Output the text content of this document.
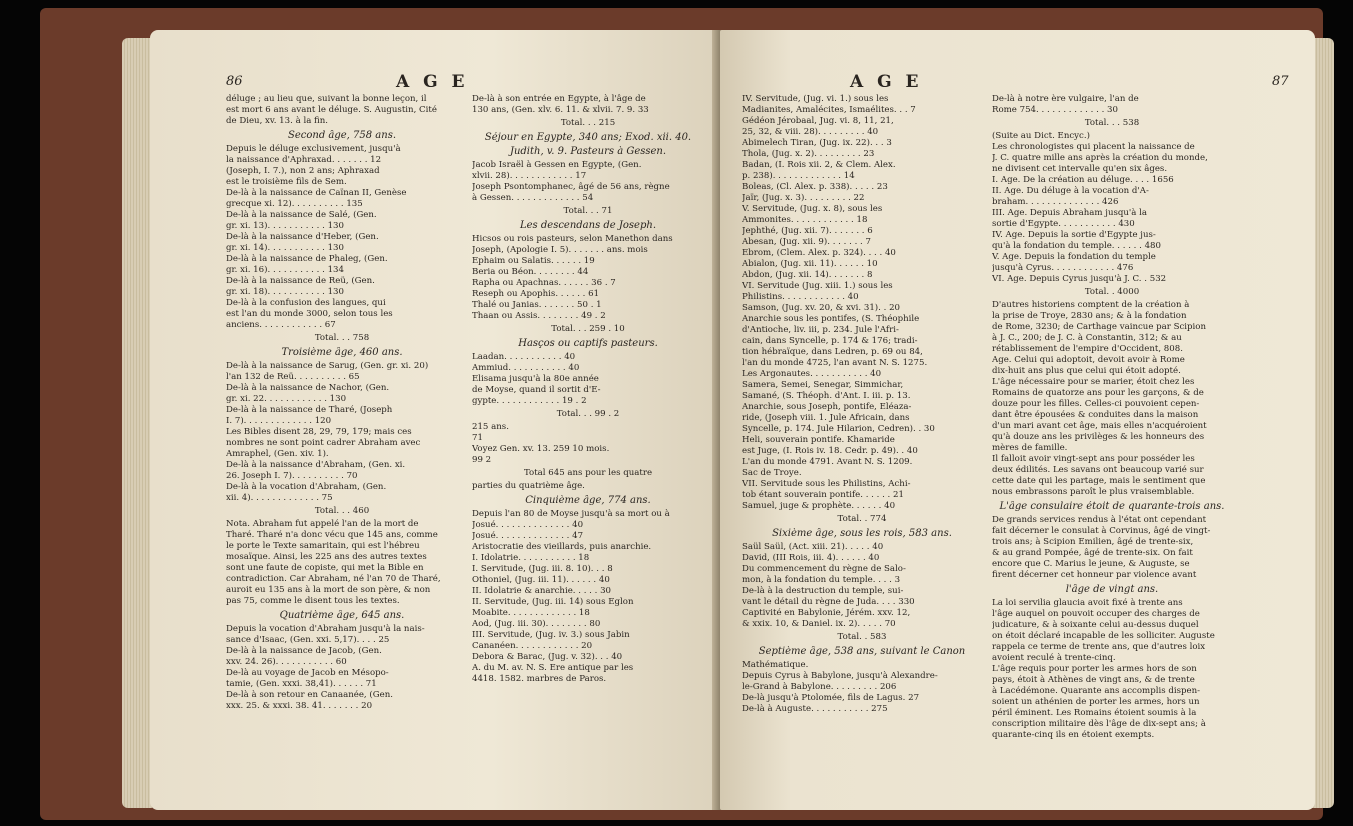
86	A G E
déluge ; au lieu que, suivant la bonne leçon, il
est mort 6 ans avant le déluge. S. Augustin, Cité
de Dieu, xv. 13. à la fin.
Second âge, 758 ans.
Depuis le déluge exclusivement, jusqu'à
la naissance d'Aphraxad. . . . . . . 12
(Joseph, I. 7.), non 2 ans; Aphraxad
est le troisième fils de Sem.
De-là à la naissance de Caïnan II, Genèse
grecque xi. 12). . . . . . . . . . 135
De-là à la naissance de Salé, (Gen.
gr. xi. 13). . . . . . . . . . . 130
De-là à la naissance d'Heber, (Gen.
gr. xi. 14). . . . . . . . . . . 130
De-là à la naissance de Phaleg, (Gen.
gr. xi. 16). . . . . . . . . . . 134
De-là à la naissance de Reü, (Gen.
gr. xi. 18). . . . . . . . . . . 130
De-là à la confusion des langues, qui
est l'an du monde 3000, selon tous les
anciens. . . . . . . . . . . . 67
Total. . . 758
Troisième âge, 460 ans.
De-là à la naissance de Sarug, (Gen. gr. xi. 20)
l'an 132 de Reü. . . . . . . . . . 65
De-là à la naissance de Nachor, (Gen.
gr. xi. 22. . . . . . . . . . . . 130
De-là à la naissance de Tharé, (Joseph
I. 7). . . . . . . . . . . . . 120
Les Bibles disent 28, 29, 79, 179; mais ces
nombres ne sont point cadrer Abraham avec
Amraphel, (Gen. xiv. 1).
De-là à la naissance d'Abraham, (Gen. xi.
26. Joseph I. 7). . . . . . . . . . 70
De-là à la vocation d'Abraham, (Gen.
xii. 4). . . . . . . . . . . . . 75
Total. . . 460
Nota. Abraham fut appelé l'an de la mort de
Tharé. Tharé n'a donc vécu que 145 ans, comme
le porte le Texte samaritain, qui est l'hébreu
mosaïque. Ainsi, les 225 ans des autres textes
sont une faute de copiste, qui met la Bible en
contradiction. Car Abraham, né l'an 70 de Tharé,
auroit eu 135 ans à la mort de son père, & non
pas 75, comme le disent tous les textes.
Quatrième âge, 645 ans.
Depuis la vocation d'Abraham jusqu'à la nais-
sance d'Isaac, (Gen. xxi. 5,17). . . . 25
De-là à la naissance de Jacob, (Gen.
xxv. 24. 26). . . . . . . . . . . 60
De-là au voyage de Jacob en Mésopo-
tamie, (Gen. xxxi. 38,41). . . . . . 71
De-là à son retour en Canaanée, (Gen.
xxx. 25. & xxxi. 38. 41. . . . . . . 20
De-là à son entrée en Égypte, à l'âge de
130 ans, (Gen. xlv. 6. 11. & xlvii. 7. 9. 33
Total. . . 215
Séjour en Égypte, 340 ans; Exod. xii. 40.
Judith, v. 9. Pasteurs à Gessen.
Jacob Israël à Gessen en Égypte, (Gen.
xlvii. 28). . . . . . . . . . . . 17
Joseph Psontomphanec, âgé de 56 ans, règne
à Gessen. . . . . . . . . . . . . 54
Total. . . 71
Les descendans de Joseph.
Hicsos ou rois pasteurs, selon Manethon dans
Joseph, (Apologie I. 5). . . . . . . ans. mois
Ephaim ou Salatis. . . . . . 19
Beria ou Béon. . . . . . . . 44
Rapha ou Apachnas. . . . . . 36 . 7
Reseph ou Apophis. . . . . . 61
Thalé ou Janias. . . . . . . 50 . 1
Thaan ou Assis. . . . . . . . 49 . 2
Total. . . 259 . 10
Hasços ou captifs pasteurs.
Laadan. . . . . . . . . . . 40
Ammiud. . . . . . . . . . . 40
Elisama jusqu'à la 80e année
de Moyse, quand il sortit d'E-
gypte. . . . . . . . . . . . 19 . 2
Total. . . 99 . 2
215 ans.
71
Voyez Gen. xv. 13. 259 10 mois.
99 2
Total 645 ans pour les quatre
parties du quatrième âge.
Cinquième âge, 774 ans.
Depuis l'an 80 de Moyse jusqu'à sa mort ou à
Josué. . . . . . . . . . . . . . 40
Josué. . . . . . . . . . . . . . 47
Aristocratie des vieillards, puis anarchie.
I. Idolatrie. . . . . . . . . . . 18
I. Servitude, (Jug. iii. 8. 10). . . 8
Othoniel, (Jug. iii. 11). . . . . . 40
II. Idolatrie & anarchie. . . . . 30
II. Servitude, (Jug. iii. 14) sous Eglon
Moabite. . . . . . . . . . . . . 18
Aod, (Jug. iii. 30). . . . . . . . 80
III. Servitude, (Jug. iv. 3.) sous Jabin
Cananéen. . . . . . . . . . . . 20
Debora & Barac, (Jug. v. 32). . . 40
A. du M. av. N. S. Ere antique par les
4418. 1582. marbres de Paros.
A G E	87
IV. Servitude, (Jug. vi. 1.) sous les
Madianites, Amalécites, Ismaélites. . . 7
Gédéon Jérobaal, Jug. vi. 8, 11, 21,
25, 32, & viii. 28). . . . . . . . . 40
Abimelech Tiran, (Jug. ix. 22). . . 3
Thola, (Jug. x. 2). . . . . . . . . 23
Badan, (I. Rois xii. 2, & Clem. Alex.
p. 238). . . . . . . . . . . . . 14
Boleas, (Cl. Alex. p. 338). . . . . 23
Jaïr, (Jug. x. 3). . . . . . . . . 22
V. Servitude, (Jug. x. 8), sous les
Ammonites. . . . . . . . . . . . 18
Jephthé, (Jug. xii. 7). . . . . . . 6
Abesan, (Jug. xii. 9). . . . . . . 7
Ebrom, (Clem. Alex. p. 324). . . . 40
Abialon, (Jug. xii. 11). . . . . . 10
Abdon, (Jug. xii. 14). . . . . . . 8
VI. Servitude (Jug. xiii. 1.) sous les
Philistins. . . . . . . . . . . . 40
Samson, (Jug. xv. 20, & xvi. 31). . 20
Anarchie sous les pontifes, (S. Théophile
d'Antioche, liv. iii, p. 234. Jule l'Afri-
cain, dans Syncelle, p. 174 & 176; tradi-
tion hébraïque, dans Ledren, p. 69 ou 84,
l'an du monde 4725, l'an avant N. S. 1275.
Les Argonautes. . . . . . . . . . . 40
Samera, Semei, Senegar, Simmichar,
Samané, (S. Théoph. d'Ant. I. iii. p. 13.
Anarchie, sous Joseph, pontife, Eléaza-
ride, (Joseph viii. 1. Jule Africain, dans
Syncelle, p. 174. Jule Hilarion, Cedren). . 30
Heli, souverain pontife. Khamaride
est Juge, (I. Rois iv. 18. Cedr. p. 49). . 40
L'an du monde 4791. Avant N. S. 1209.
Sac de Troye.
VII. Servitude sous les Philistins, Achi-
tob étant souverain pontife. . . . . . 21
Samuel, juge & prophète. . . . . . 40
Total. . 774
Sixième âge, sous les rois, 583 ans.
Saül Saül, (Act. xiii. 21). . . . . 40
David, (III Rois, iii. 4). . . . . . 40
Du commencement du règne de Salo-
mon, à la fondation du temple. . . . 3
De-là à la destruction du temple, sui-
vant le détail du règne de Juda. . . . 330
Captivité en Babylonie, Jérém. xxv. 12,
& xxix. 10, & Daniel. ix. 2). . . . . 70
Total. . 583
Septième âge, 538 ans, suivant le Canon
Mathématique.
Depuis Cyrus à Babylone, jusqu'à Alexandre-
le-Grand à Babylone. . . . . . . . . 206
De-là jusqu'à Ptolomée, fils de Lagus. 27
De-là à Auguste. . . . . . . . . . . 275
De-là à notre ère vulgaire, l'an de
Rome 754. . . . . . . . . . . . . 30
Total. . . 538
(Suite au Dict. Encyc.)
Les chronologistes qui placent la naissance de
J. C. quatre mille ans après la création du monde,
ne divisent cet intervalle qu'en six âges.
I. Age. De la création au déluge. . . . 1656
II. Age. Du déluge à la vocation d'A-
braham. . . . . . . . . . . . . . 426
III. Age. Depuis Abraham jusqu'à la
sortie d'Égypte. . . . . . . . . . . 430
IV. Age. Depuis la sortie d'Égypte jus-
qu'à la fondation du temple. . . . . . 480
V. Age. Depuis la fondation du temple
jusqu'à Cyrus. . . . . . . . . . . . 476
VI. Age. Depuis Cyrus jusqu'à J. C. . 532
Total. . 4000
D'autres historiens comptent de la création à
la prise de Troye, 2830 ans; & à la fondation
de Rome, 3230; de Carthage vaincue par Scipion
à J. C., 200; de J. C. à Constantin, 312; & au
rétablissement de l'empire d'Occident, 808.
Age. Celui qui adoptoit, devoit avoir à Rome
dix-huit ans plus que celui qui étoit adopté.
L'âge nécessaire pour se marier, étoit chez les
Romains de quatorze ans pour les garçons, & de
douze pour les filles. Celles-ci pouvoient cepen-
dant être épousées & conduites dans la maison
d'un mari avant cet âge, mais elles n'acquéroient
qu'à douze ans les privilèges & les honneurs des
mères de famille.
Il falloit avoir vingt-sept ans pour posséder les
deux édilités. Les savans ont beaucoup varié sur
cette date qui les partage, mais le sentiment que
nous embrassons paroît le plus vraisemblable.
L'âge consulaire étoit de quarante-trois ans.
De grands services rendus à l'état ont cependant
fait décerner le consulat à Corvinus, âgé de vingt-
trois ans; à Scipion Emilien, âgé de trente-six,
& au grand Pompée, âgé de trente-six. On fait
encore que C. Marius le jeune, & Auguste, se
firent décerner cet honneur par violence avant
l'âge de vingt ans.
La loi servilia glaucia avoit fixé à trente ans
l'âge auquel on pouvoit occuper des charges de
judicature, & à soixante celui au-dessus duquel
on étoit déclaré incapable de les solliciter. Auguste
rappela ce terme de trente ans, que d'autres loix
avoient reculé à trente-cinq.
L'âge requis pour porter les armes hors de son
pays, étoit à Athènes de vingt ans, & de trente
à Lacédémone. Quarante ans accomplis dispen-
soient un athénien de porter les armes, hors un
péril éminent. Les Romains étoient soumis à la
conscription militaire dès l'âge de dix-sept ans; à
quarante-cinq ils en étoient exempts.
